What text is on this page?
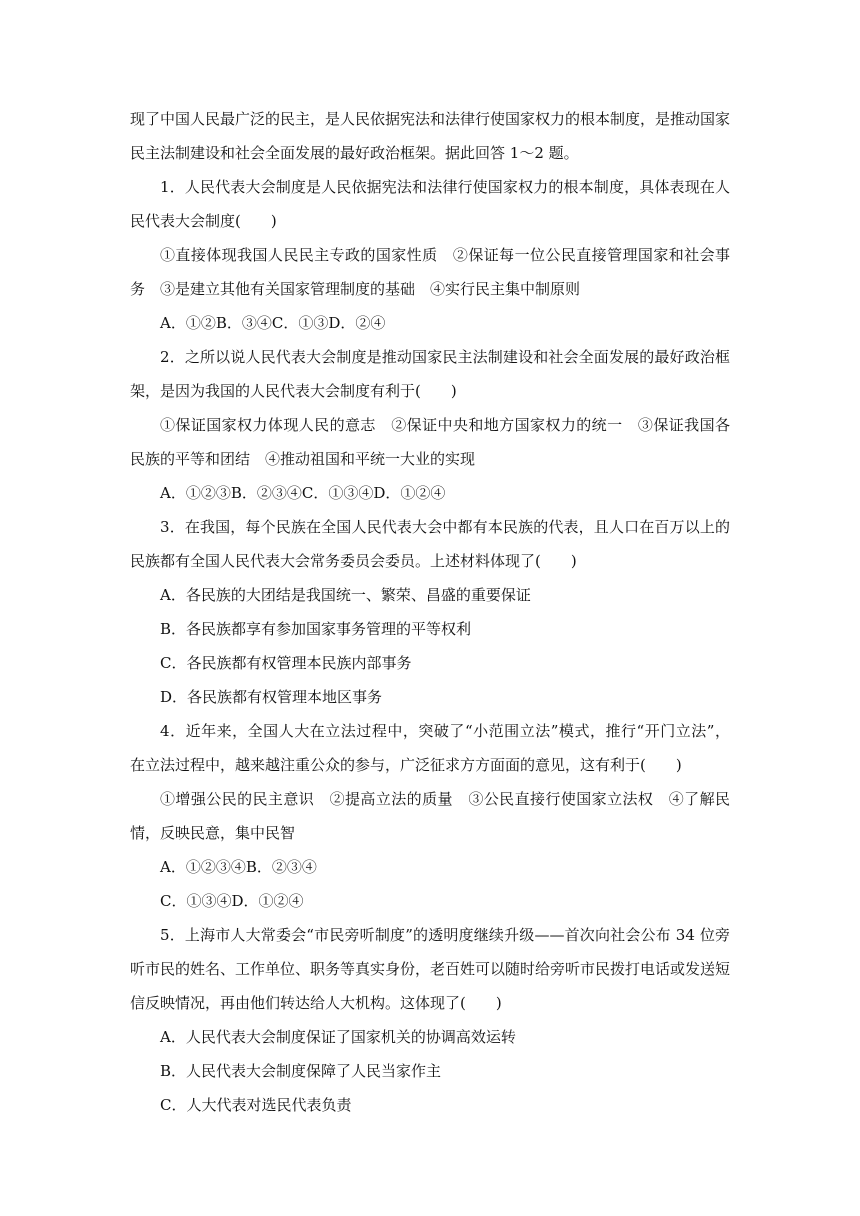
现了中国人民最广泛的民主，是人民依据宪法和法律行使国家权力的根本制度，是推动国家
民主法制建设和社会全面发展的最好政治框架。据此回答 1～2 题。
1．人民代表大会制度是人民依据宪法和法律行使国家权力的根本制度，具体表现在人
民代表大会制度(　　)
①直接体现我国人民民主专政的国家性质　②保证每一位公民直接管理国家和社会事
务　③是建立其他有关国家管理制度的基础　④实行民主集中制原则
A．①②B．③④C．①③D．②④
2．之所以说人民代表大会制度是推动国家民主法制建设和社会全面发展的最好政治框
架，是因为我国的人民代表大会制度有利于(　　)
①保证国家权力体现人民的意志　②保证中央和地方国家权力的统一　③保证我国各
民族的平等和团结　④推动祖国和平统一大业的实现
A．①②③B．②③④C．①③④D．①②④
3．在我国，每个民族在全国人民代表大会中都有本民族的代表，且人口在百万以上的
民族都有全国人民代表大会常务委员会委员。上述材料体现了(　　)
A．各民族的大团结是我国统一、繁荣、昌盛的重要保证
B．各民族都享有参加国家事务管理的平等权利
C．各民族都有权管理本民族内部事务
D．各民族都有权管理本地区事务
4．近年来，全国人大在立法过程中，突破了“小范围立法”模式，推行“开门立法”，
在立法过程中，越来越注重公众的参与，广泛征求方方面面的意见，这有利于(　　)
①增强公民的民主意识　②提高立法的质量　③公民直接行使国家立法权　④了解民
情，反映民意，集中民智
A．①②③④B．②③④
C．①③④D．①②④
5．上海市人大常委会“市民旁听制度”的透明度继续升级——首次向社会公布 34 位旁
听市民的姓名、工作单位、职务等真实身份，老百姓可以随时给旁听市民拨打电话或发送短
信反映情况，再由他们转达给人大机构。这体现了(　　)
A．人民代表大会制度保证了国家机关的协调高效运转
B．人民代表大会制度保障了人民当家作主
C．人大代表对选民代表负责
